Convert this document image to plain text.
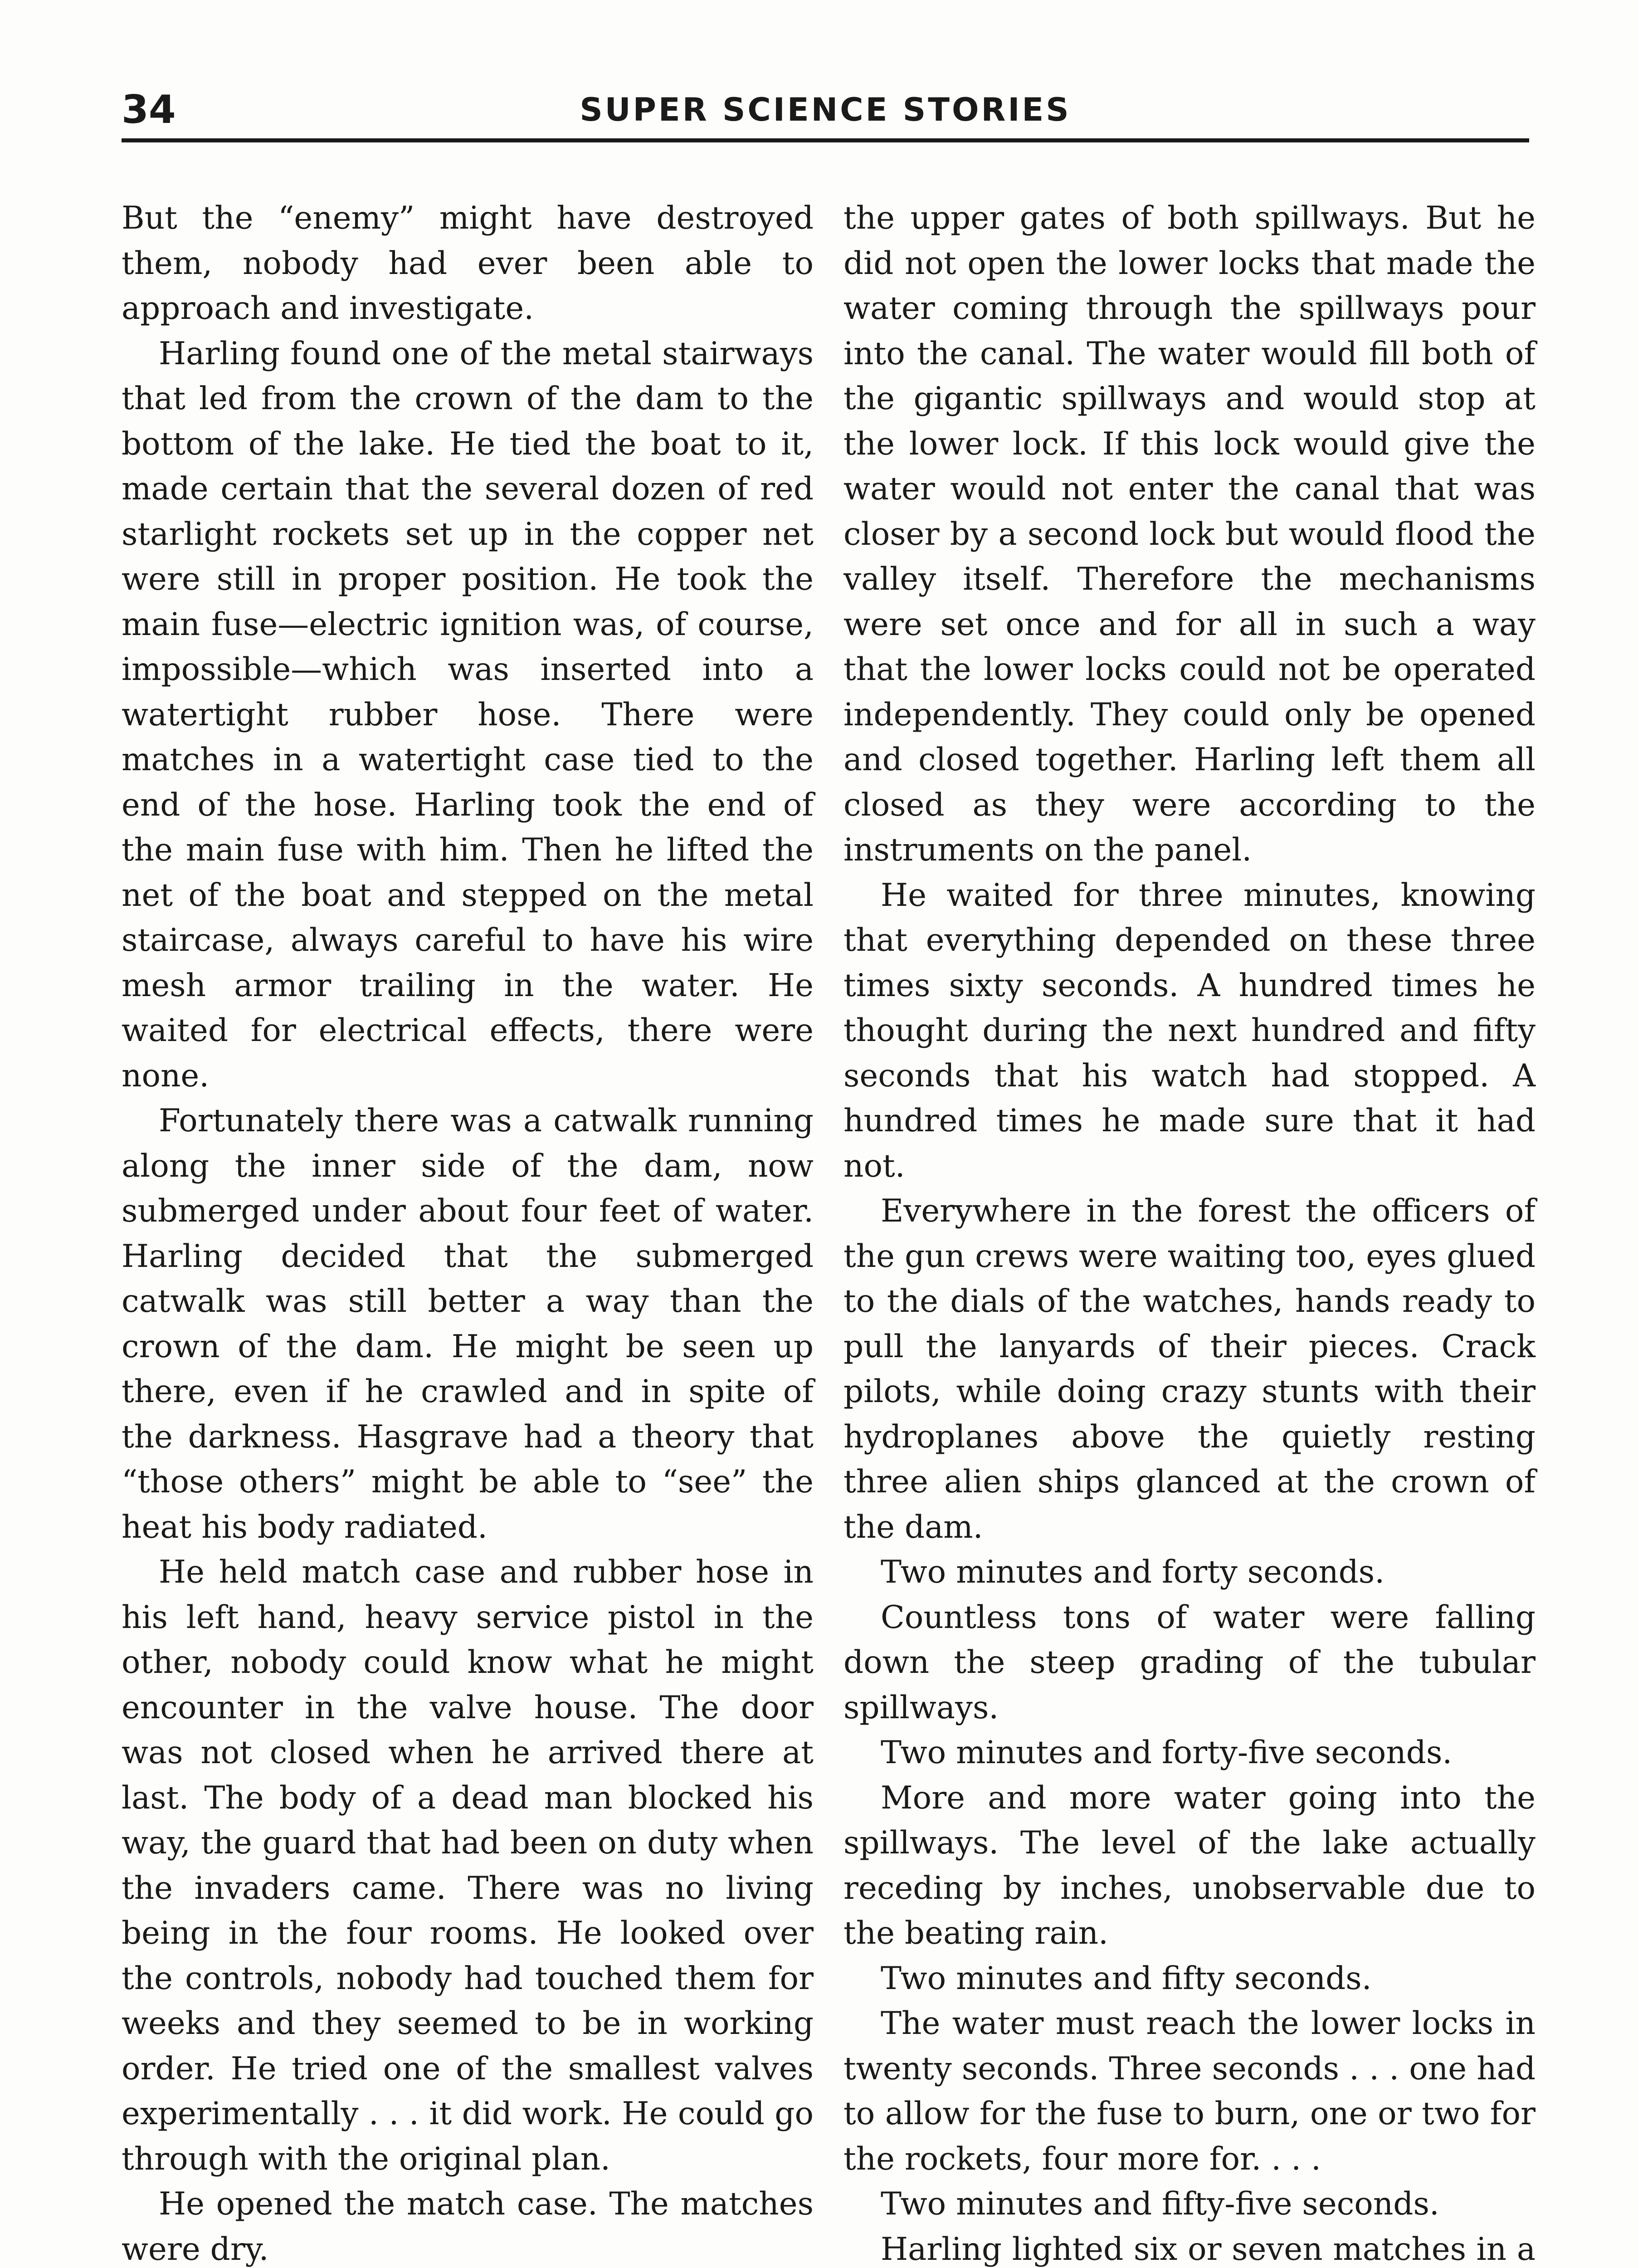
34	SUPER SCIENCE STORIES

But the “enemy” might have destroyed them, nobody had ever been able to approach and investigate.

Harling found one of the metal stairways that led from the crown of the dam to the bottom of the lake. He tied the boat to it, made certain that the several dozen of red starlight rockets set up in the copper net were still in proper position. He took the main fuse—electric ignition was, of course, impossible—which was inserted into a watertight rubber hose. There were matches in a watertight case tied to the end of the hose. Harling took the end of the main fuse with him. Then he lifted the net of the boat and stepped on the metal staircase, always careful to have his wire mesh armor trailing in the water. He waited for electrical effects, there were none.

Fortunately there was a catwalk running along the inner side of the dam, now submerged under about four feet of water. Harling decided that the submerged catwalk was still better a way than the crown of the dam. He might be seen up there, even if he crawled and in spite of the darkness. Hasgrave had a theory that “those others” might be able to “see” the heat his body radiated.

He held match case and rubber hose in his left hand, heavy service pistol in the other, nobody could know what he might encounter in the valve house. The door was not closed when he arrived there at last. The body of a dead man blocked his way, the guard that had been on duty when the invaders came. There was no living being in the four rooms. He looked over the controls, nobody had touched them for weeks and they seemed to be in working order. He tried one of the smallest valves experimentally . . . it did work. He could go through with the original plan.

He opened the match case. The matches were dry.

the upper gates of both spillways. But he did not open the lower locks that made the water coming through the spillways pour into the canal. The water would fill both of the gigantic spillways and would stop at the lower lock. If this lock would give the water would not enter the canal that was closer by a second lock but would flood the valley itself. Therefore the mechanisms were set once and for all in such a way that the lower locks could not be operated independently. They could only be opened and closed together. Harling left them all closed as they were according to the instruments on the panel.

He waited for three minutes, knowing that everything depended on these three times sixty seconds. A hundred times he thought during the next hundred and fifty seconds that his watch had stopped. A hundred times he made sure that it had not.

Everywhere in the forest the officers of the gun crews were waiting too, eyes glued to the dials of the watches, hands ready to pull the lanyards of their pieces. Crack pilots, while doing crazy stunts with their hydroplanes above the quietly resting three alien ships glanced at the crown of the dam.

Two minutes and forty seconds.

Countless tons of water were falling down the steep grading of the tubular spillways.

Two minutes and forty-five seconds.

More and more water going into the spillways. The level of the lake actually receding by inches, unobservable due to the beating rain.

Two minutes and fifty seconds.

The water must reach the lower locks in twenty seconds. Three seconds . . . one had to allow for the fuse to burn, one or two for the rockets, four more for. . . .

Two minutes and fifty-five seconds.

Harling lighted six or seven matches in a
